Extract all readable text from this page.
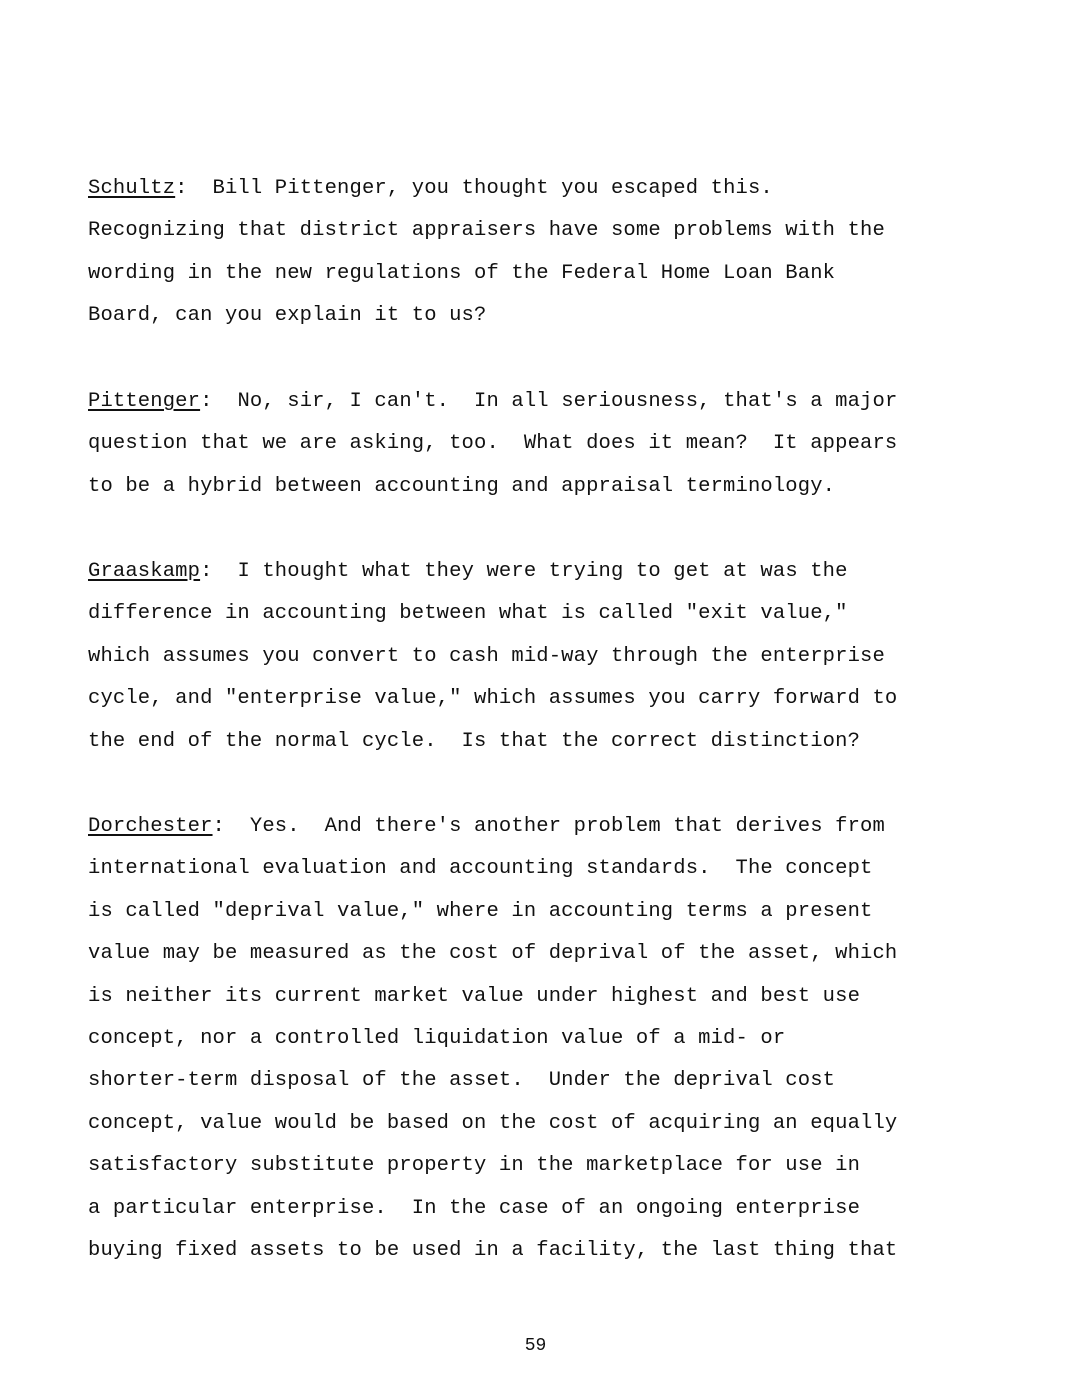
Schultz:  Bill Pittenger, you thought you escaped this.
Recognizing that district appraisers have some problems with the
wording in the new regulations of the Federal Home Loan Bank
Board, can you explain it to us?
Pittenger:  No, sir, I can't.  In all seriousness, that's a major
question that we are asking, too.  What does it mean?  It appears
to be a hybrid between accounting and appraisal terminology.
Graaskamp:  I thought what they were trying to get at was the
difference in accounting between what is called "exit value,"
which assumes you convert to cash mid-way through the enterprise
cycle, and "enterprise value," which assumes you carry forward to
the end of the normal cycle.  Is that the correct distinction?
Dorchester:  Yes.  And there's another problem that derives from
international evaluation and accounting standards.  The concept
is called "deprival value," where in accounting terms a present
value may be measured as the cost of deprival of the asset, which
is neither its current market value under highest and best use
concept, nor a controlled liquidation value of a mid- or
shorter-term disposal of the asset.  Under the deprival cost
concept, value would be based on the cost of acquiring an equally
satisfactory substitute property in the marketplace for use in
a particular enterprise.  In the case of an ongoing enterprise
buying fixed assets to be used in a facility, the last thing that
59
